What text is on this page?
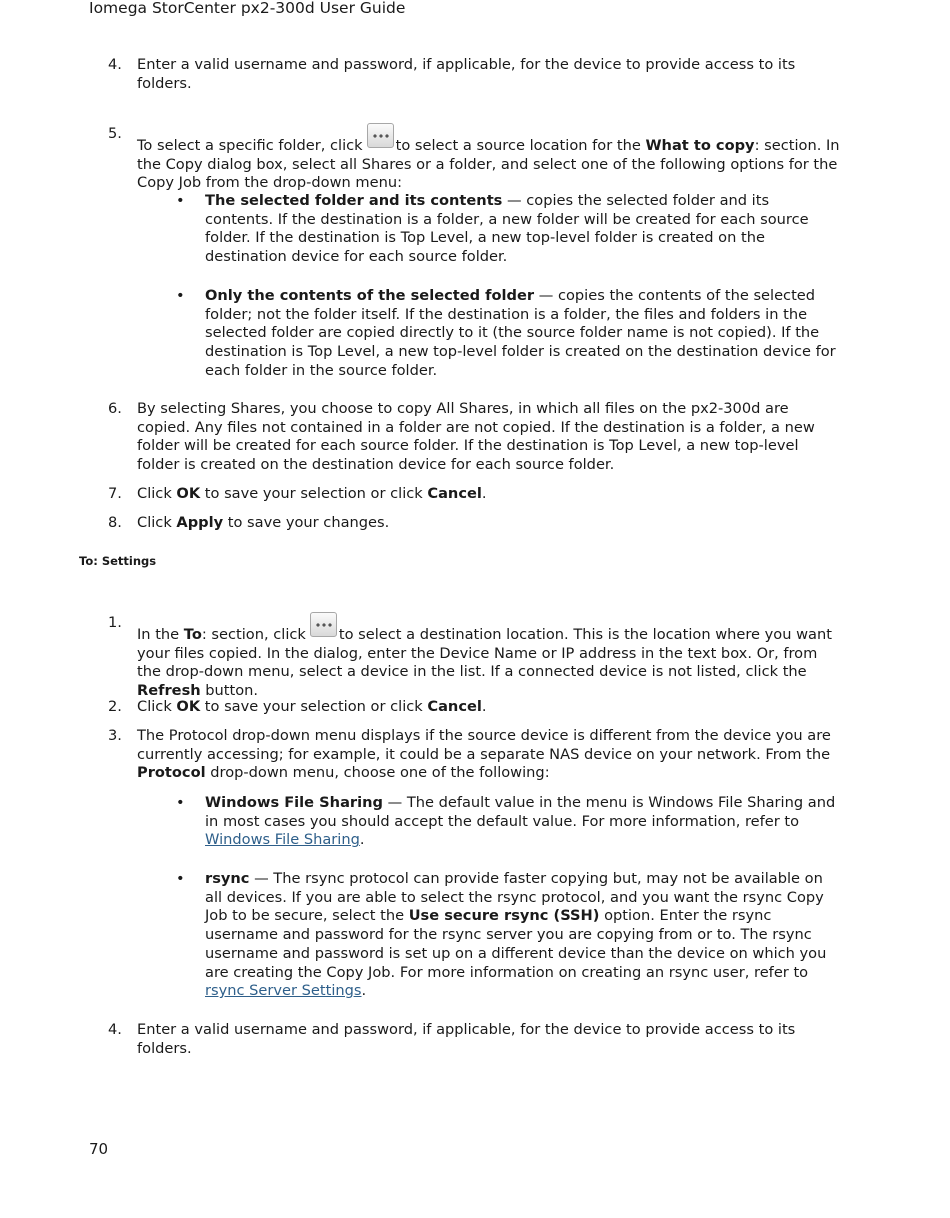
Iomega StorCenter px2-300d User Guide
4. Enter a valid username and password, if applicable, for the device to provide access to its folders.
5.
To select a specific folder, click to select a source location for the What to copy: section. In the Copy dialog box, select all Shares or a folder, and select one of the following options for the Copy Job from the drop-down menu:
• The selected folder and its contents — copies the selected folder and its contents. If the destination is a folder, a new folder will be created for each source folder. If the destination is Top Level, a new top-level folder is created on the destination device for each source folder.
• Only the contents of the selected folder — copies the contents of the selected folder; not the folder itself. If the destination is a folder, the files and folders in the selected folder are copied directly to it (the source folder name is not copied). If the destination is Top Level, a new top-level folder is created on the destination device for each folder in the source folder.
6. By selecting Shares, you choose to copy All Shares, in which all files on the px2-300d are copied. Any files not contained in a folder are not copied. If the destination is a folder, a new folder will be created for each source folder. If the destination is Top Level, a new top-level folder is created on the destination device for each source folder.
7. Click OK to save your selection or click Cancel.
8. Click Apply to save your changes.
To: Settings
1.
In the To: section, click to select a destination location. This is the location where you want your files copied. In the dialog, enter the Device Name or IP address in the text box. Or, from the drop-down menu, select a device in the list. If a connected device is not listed, click the Refresh button.
2. Click OK to save your selection or click Cancel.
3. The Protocol drop-down menu displays if the source device is different from the device you are currently accessing; for example, it could be a separate NAS device on your network. From the Protocol drop-down menu, choose one of the following:
• Windows File Sharing — The default value in the menu is Windows File Sharing and in most cases you should accept the default value. For more information, refer to Windows File Sharing.
• rsync — The rsync protocol can provide faster copying but, may not be available on all devices. If you are able to select the rsync protocol, and you want the rsync Copy Job to be secure, select the Use secure rsync (SSH) option. Enter the rsync username and password for the rsync server you are copying from or to. The rsync username and password is set up on a different device than the device on which you are creating the Copy Job. For more information on creating an rsync user, refer to rsync Server Settings.
4. Enter a valid username and password, if applicable, for the device to provide access to its folders.
70
